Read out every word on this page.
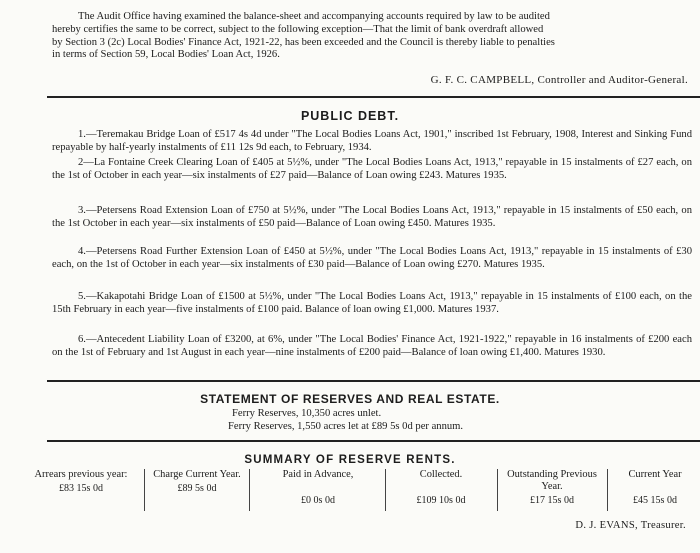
The Audit Office having examined the balance-sheet and accompanying accounts required by law to be audited
hereby certifies the same to be correct, subject to the following exception—That the limit of bank overdraft allowed
by Section 3 (2c) Local Bodies' Finance Act, 1921-22, has been exceeded and the Council is thereby liable to penalties
in terms of Section 59, Local Bodies' Loan Act, 1926.
G. F. C. CAMPBELL, Controller and Auditor-General.
PUBLIC DEBT.
1.—Teremakau Bridge Loan of £517 4s 4d under "The Local Bodies Loans Act, 1901," inscribed 1st February, 1908, Interest and Sinking Fund repayable by half-yearly instalments of £11 12s 9d each, to February, 1934.
2—La Fontaine Creek Clearing Loan of £405 at 5½%, under "The Local Bodies Loans Act, 1913," repayable in 15 instalments of £27 each, on the 1st of October in each year—six instalments of £27 paid—Balance of Loan owing £243. Matures 1935.
3.—Petersens Road Extension Loan of £750 at 5½%, under "The Local Bodies Loans Act, 1913," repayable in 15 instalments of £50 each, on the 1st October in each year—six instalments of £50 paid—Balance of Loan owing £450. Matures 1935.
4.—Petersens Road Further Extension Loan of £450 at 5½%, under "The Local Bodies Loans Act, 1913," repayable in 15 instalments of £30 each, on the 1st of October in each year—six instalments of £30 paid—Balance of Loan owing £270. Matures 1935.
5.—Kakapotahi Bridge Loan of £1500 at 5½%, under "The Local Bodies Loans Act, 1913," repayable in 15 instalments of £100 each, on the 15th February in each year—five instalments of £100 paid. Balance of loan owing £1,000. Matures 1937.
6.—Antecedent Liability Loan of £3200, at 6%, under "The Local Bodies' Finance Act, 1921-1922," repayable in 16 instalments of £200 each on the 1st of February and 1st August in each year—nine instalments of £200 paid—Balance of loan owing £1,400. Matures 1930.
STATEMENT OF RESERVES AND REAL ESTATE.
Ferry Reserves, 10,350 acres unlet.
Ferry Reserves, 1,550 acres let at £89 5s 0d per annum.
SUMMARY OF RESERVE RENTS.
Arrears previous year:
£83 15s 0d
Charge Current Year.
£89 5s 0d
Paid in Advance,
£0 0s 0d
Collected.
£109 10s 0d
Outstanding Previous Year.
£17 15s 0d
Current Year
£45 15s 0d
D. J. EVANS, Treasurer.
